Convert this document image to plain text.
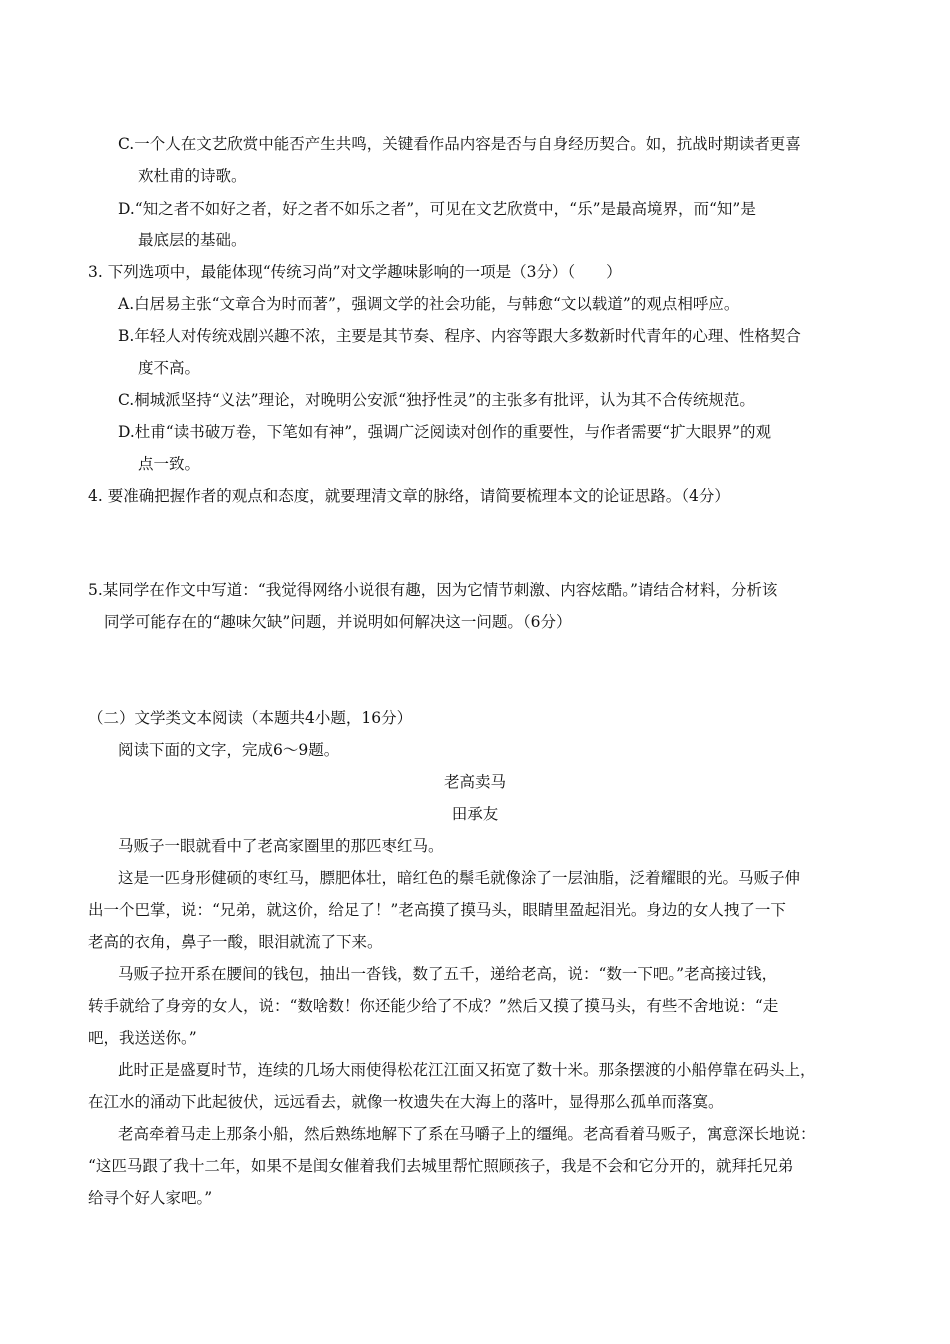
C.一个人在文艺欣赏中能否产生共鸣，关键看作品内容是否与自身经历契合。如，抗战时期读者更喜
欢杜甫的诗歌。
D.“知之者不如好之者，好之者不如乐之者”，可见在文艺欣赏中，“乐”是最高境界，而“知”是
最底层的基础。
3. 下列选项中，最能体现“传统习尚”对文学趣味影响的一项是（3分）（　　）
A.白居易主张“文章合为时而著”，强调文学的社会功能，与韩愈“文以载道”的观点相呼应。
B.年轻人对传统戏剧兴趣不浓，主要是其节奏、程序、内容等跟大多数新时代青年的心理、性格契合
度不高。
C.桐城派坚持“义法”理论，对晚明公安派“独抒性灵”的主张多有批评，认为其不合传统规范。
D.杜甫“读书破万卷，下笔如有神”，强调广泛阅读对创作的重要性，与作者需要“扩大眼界”的观
点一致。
4. 要准确把握作者的观点和态度，就要理清文章的脉络，请简要梳理本文的论证思路。（4分）
5.某同学在作文中写道：“我觉得网络小说很有趣，因为它情节刺激、内容炫酷。”请结合材料，分析该
同学可能存在的“趣味欠缺”问题，并说明如何解决这一问题。（6分）
（二）文学类文本阅读（本题共4小题，16分）
阅读下面的文字，完成6～9题。
老高卖马
田承友
马贩子一眼就看中了老高家圈里的那匹枣红马。
这是一匹身形健硕的枣红马，膘肥体壮，暗红色的鬃毛就像涂了一层油脂，泛着耀眼的光。马贩子伸
出一个巴掌，说：“兄弟，就这价，给足了！”老高摸了摸马头，眼睛里盈起泪光。身边的女人拽了一下
老高的衣角，鼻子一酸，眼泪就流了下来。
马贩子拉开系在腰间的钱包，抽出一沓钱，数了五千，递给老高，说：“数一下吧。”老高接过钱，
转手就给了身旁的女人，说：“数啥数！你还能少给了不成？”然后又摸了摸马头，有些不舍地说：“走
吧，我送送你。”
此时正是盛夏时节，连续的几场大雨使得松花江江面又拓宽了数十米。那条摆渡的小船停靠在码头上，
在江水的涌动下此起彼伏，远远看去，就像一枚遗失在大海上的落叶，显得那么孤单而落寞。
老高牵着马走上那条小船，然后熟练地解下了系在马嚼子上的缰绳。老高看着马贩子，寓意深长地说：
“这匹马跟了我十二年，如果不是闺女催着我们去城里帮忙照顾孩子，我是不会和它分开的，就拜托兄弟
给寻个好人家吧。”
